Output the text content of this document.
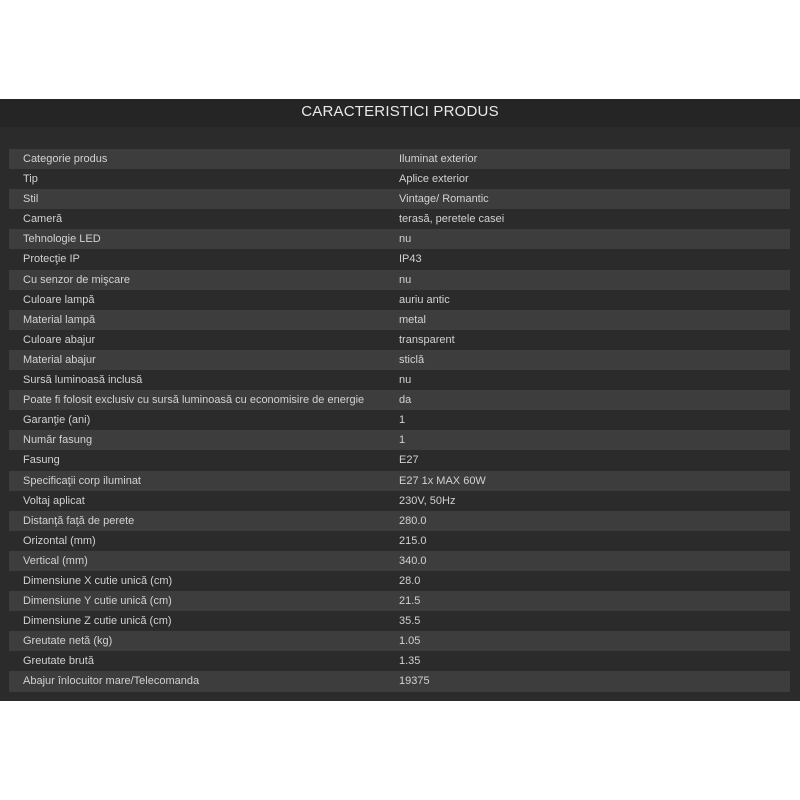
CARACTERISTICI PRODUS
Categorie produs	Iluminat exterior
Tip	Aplice exterior
Stil	Vintage/ Romantic
Cameră	terasă, peretele casei
Tehnologie LED	nu
Protecţie IP	IP43
Cu senzor de mişcare	nu
Culoare lampă	auriu antic
Material lampă	metal
Culoare abajur	transparent
Material abajur	sticlă
Sursă luminoasă inclusă	nu
Poate fi folosit exclusiv cu sursă luminoasă cu economisire de energie	da
Garanţie (ani)	1
Număr fasung	1
Fasung	E27
Specificaţii corp iluminat	E27 1x MAX 60W
Voltaj aplicat	230V, 50Hz
Distanţă faţă de perete	280.0
Orizontal (mm)	215.0
Vertical (mm)	340.0
Dimensiune X cutie unică (cm)	28.0
Dimensiune Y cutie unică (cm)	21.5
Dimensiune Z cutie unică (cm)	35.5
Greutate netă (kg)	1.05
Greutate brută	1.35
Abajur înlocuitor mare/Telecomanda	19375
